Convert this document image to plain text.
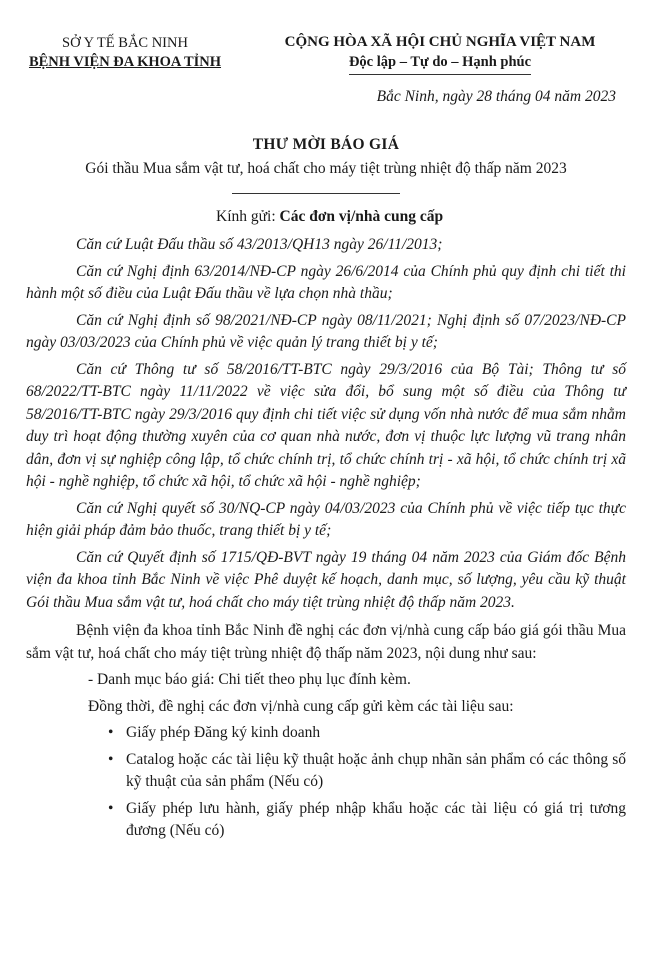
SỞ Y TẾ BẮC NINH
BỆNH VIỆN ĐA KHOA TỈNH
CỘNG HÒA XÃ HỘI CHỦ NGHĨA VIỆT NAM
Độc lập – Tự do – Hạnh phúc
Bắc Ninh, ngày 28 tháng 04 năm 2023
THƯ MỜI BÁO GIÁ
Gói thầu Mua sắm vật tư, hoá chất cho máy tiệt trùng nhiệt độ thấp năm 2023
Kính gửi: Các đơn vị/nhà cung cấp

Căn cứ Luật Đấu thầu số 43/2013/QH13 ngày 26/11/2013;

Căn cứ Nghị định 63/2014/NĐ-CP ngày 26/6/2014 của Chính phủ quy định chi tiết thi hành một số điều của Luật Đấu thầu về lựa chọn nhà thầu;

Căn cứ Nghị định số 98/2021/NĐ-CP ngày 08/11/2021; Nghị định số 07/2023/NĐ-CP ngày 03/03/2023 của Chính phủ về việc quản lý trang thiết bị y tế;

Căn cứ Thông tư số 58/2016/TT-BTC ngày 29/3/2016 của Bộ Tài; Thông tư số 68/2022/TT-BTC ngày 11/11/2022 về việc sửa đổi, bổ sung một số điều của Thông tư 58/2016/TT-BTC ngày 29/3/2016 quy định chi tiết việc sử dụng vốn nhà nước để mua sắm nhằm duy trì hoạt động thường xuyên của cơ quan nhà nước, đơn vị thuộc lực lượng vũ trang nhân dân, đơn vị sự nghiệp công lập, tổ chức chính trị, tổ chức chính trị - xã hội, tổ chức chính trị xã hội - nghề nghiệp, tổ chức xã hội, tổ chức xã hội - nghề nghiệp;

Căn cứ Nghị quyết số 30/NQ-CP ngày 04/03/2023 của Chính phủ về việc tiếp tục thực hiện giải pháp đảm bảo thuốc, trang thiết bị y tế;

Căn cứ Quyết định số 1715/QĐ-BVT ngày 19 tháng 04 năm 2023 của Giám đốc Bệnh viện đa khoa tỉnh Bắc Ninh về việc Phê duyệt kế hoạch, danh mục, số lượng, yêu cầu kỹ thuật Gói thầu Mua sắm vật tư, hoá chất cho máy tiệt trùng nhiệt độ thấp năm 2023.

Bệnh viện đa khoa tỉnh Bắc Ninh đề nghị các đơn vị/nhà cung cấp báo giá gói thầu Mua sắm vật tư, hoá chất cho máy tiệt trùng nhiệt độ thấp năm 2023, nội dung như sau:

- Danh mục báo giá: Chi tiết theo phụ lục đính kèm.

Đồng thời, đề nghị các đơn vị/nhà cung cấp gửi kèm các tài liệu sau:

• Giấy phép Đăng ký kinh doanh
• Catalog hoặc các tài liệu kỹ thuật hoặc ảnh chụp nhãn sản phẩm có các thông số kỹ thuật của sản phẩm (Nếu có)
• Giấy phép lưu hành, giấy phép nhập khẩu hoặc các tài liệu có giá trị tương đương (Nếu có)
